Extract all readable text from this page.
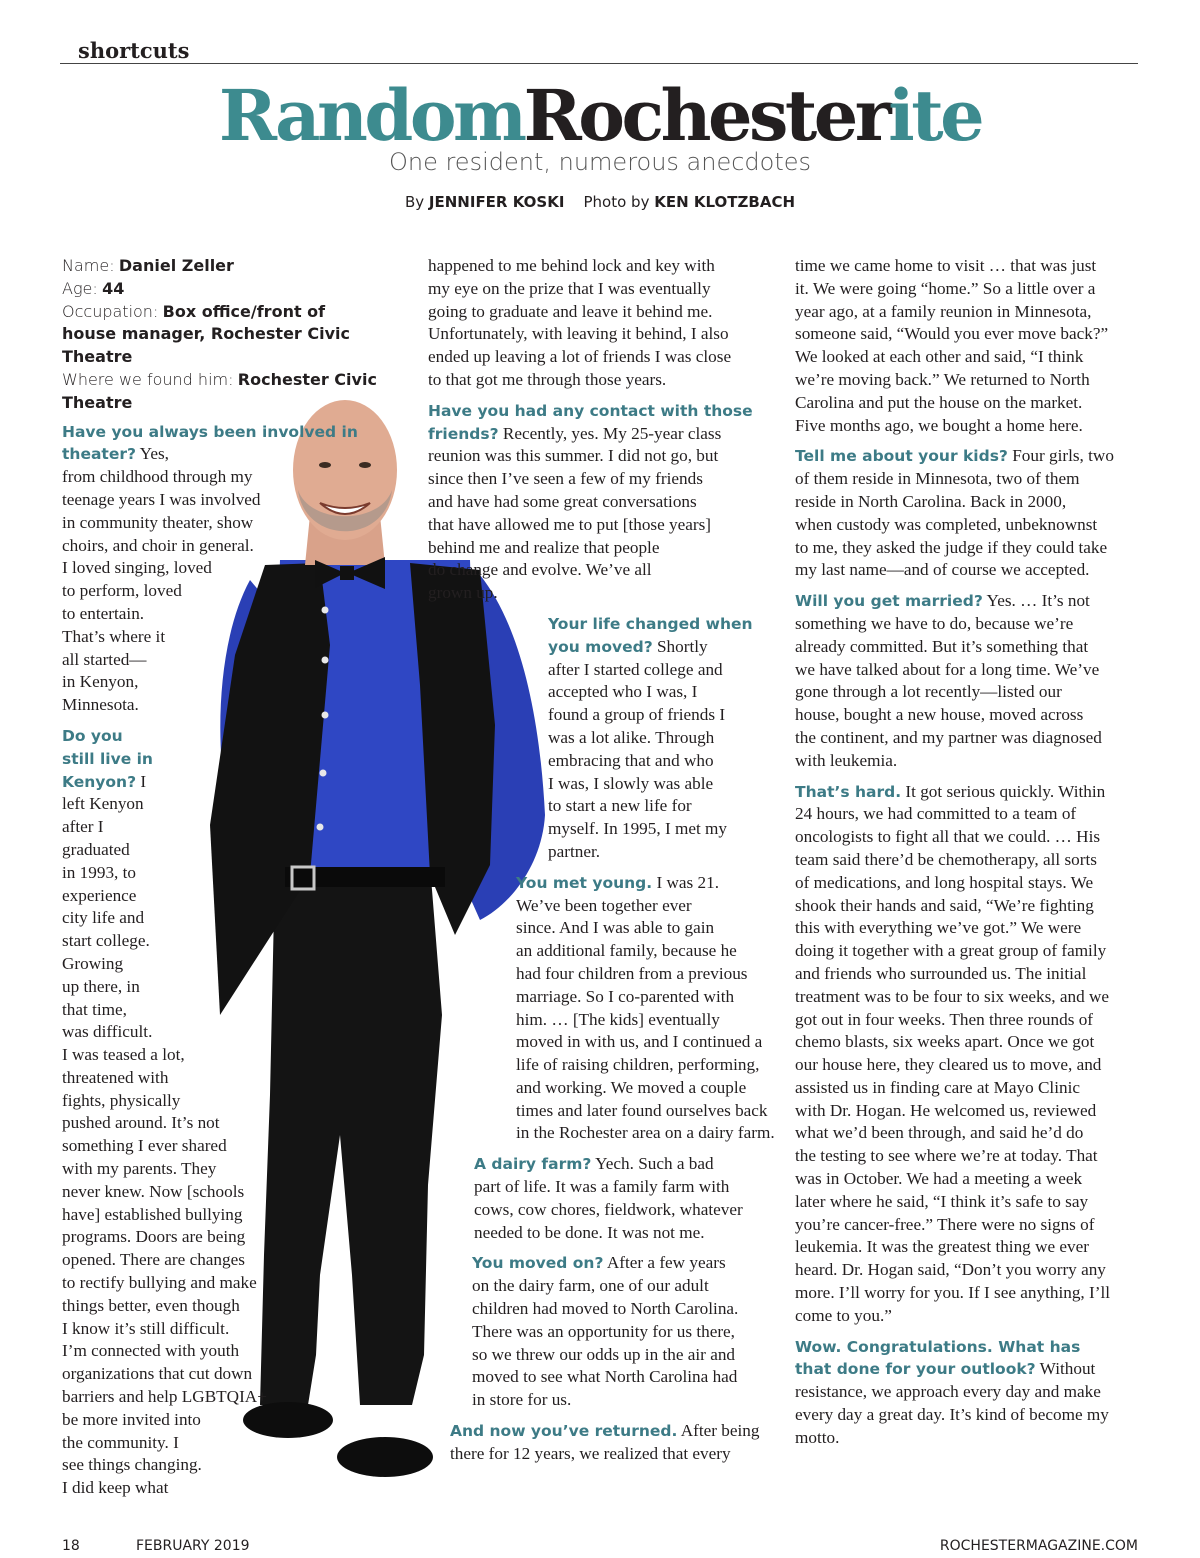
shortcuts
RandomRochesterite
One resident, numerous anecdotes
By JENNIFER KOSKI Photo by KEN KLOTZBACH

Name: Daniel Zeller
Age: 44
Occupation: Box office/front of house manager, Rochester Civic Theatre
Where we found him: Rochester Civic Theatre

Have you always been involved in theater? Yes,
from childhood through my
teenage years I was involved
in community theater, show
choirs, and choir in general.
I loved singing, loved
to perform, loved
to entertain.
That’s where it
all started—
in Kenyon,
Minnesota.

Do you
still live in
Kenyon? I
left Kenyon
after I
graduated
in 1993, to
experience
city life and
start college.
Growing
up there, in
that time,
was difficult.
I was teased a lot,
threatened with
fights, physically
pushed around. It’s not
something I ever shared
with my parents. They
never knew. Now [schools
have] established bullying
programs. Doors are being
opened. There are changes
to rectify bullying and make
things better, even though
I know it’s still difficult.
I’m connected with youth
organizations that cut down
barriers and help LGBTQIA+
be more invited into
the community. I
see things changing.
I did keep what

happened to me behind lock and key with
my eye on the prize that I was eventually
going to graduate and leave it behind me.
Unfortunately, with leaving it behind, I also
ended up leaving a lot of friends I was close
to that got me through those years.

Have you had any contact with those
friends? Recently, yes. My 25-year class
reunion was this summer. I did not go, but
since then I’ve seen a few of my friends
and have had some great conversations
that have allowed me to put [those years]
behind me and realize that people
do change and evolve. We’ve all
grown up.

Your life changed when
you moved? Shortly
after I started college and
accepted who I was, I
found a group of friends I
was a lot alike. Through
embracing that and who
I was, I slowly was able
to start a new life for
myself. In 1995, I met my
partner.

You met young. I was 21.
We’ve been together ever
since. And I was able to gain
an additional family, because he
had four children from a previous
marriage. So I co-parented with
him. … [The kids] eventually
moved in with us, and I continued a
life of raising children, performing,
and working. We moved a couple
times and later found ourselves back
in the Rochester area on a dairy farm.

A dairy farm? Yech. Such a bad
part of life. It was a family farm with
cows, cow chores, fieldwork, whatever
needed to be done. It was not me.

You moved on? After a few years
on the dairy farm, one of our adult
children had moved to North Carolina.
There was an opportunity for us there,
so we threw our odds up in the air and
moved to see what North Carolina had
in store for us.

And now you’ve returned. After being
there for 12 years, we realized that every

time we came home to visit … that was just
it. We were going “home.” So a little over a
year ago, at a family reunion in Minnesota,
someone said, “Would you ever move back?”
We looked at each other and said, “I think
we’re moving back.” We returned to North
Carolina and put the house on the market.
Five months ago, we bought a home here.

Tell me about your kids? Four girls, two
of them reside in Minnesota, two of them
reside in North Carolina. Back in 2000,
when custody was completed, unbeknownst
to me, they asked the judge if they could take
my last name—and of course we accepted.

Will you get married? Yes. … It’s not
something we have to do, because we’re
already committed. But it’s something that
we have talked about for a long time. We’ve
gone through a lot recently—listed our
house, bought a new house, moved across
the continent, and my partner was diagnosed
with leukemia.

That’s hard. It got serious quickly. Within
24 hours, we had committed to a team of
oncologists to fight all that we could. … His
team said there’d be chemotherapy, all sorts
of medications, and long hospital stays. We
shook their hands and said, “We’re fighting
this with everything we’ve got.” We were
doing it together with a great group of family
and friends who surrounded us. The initial
treatment was to be four to six weeks, and we
got out in four weeks. Then three rounds of
chemo blasts, six weeks apart. Once we got
our house here, they cleared us to move, and
assisted us in finding care at Mayo Clinic
with Dr. Hogan. He welcomed us, reviewed
what we’d been through, and said he’d do
the testing to see where we’re at today. That
was in October. We had a meeting a week
later where he said, “I think it’s safe to say
you’re cancer-free.” There were no signs of
leukemia. It was the greatest thing we ever
heard. Dr. Hogan said, “Don’t you worry any
more. I’ll worry for you. If I see anything, I’ll
come to you.”

Wow. Congratulations. What has
that done for your outlook? Without
resistance, we approach every day and make
every day a great day. It’s kind of become my
motto.

18	FEBRUARY 2019	ROCHESTERMAGAZINE.COM
